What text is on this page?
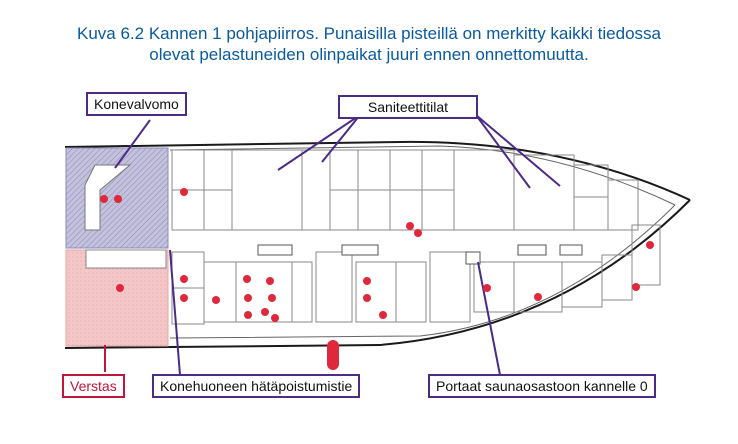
Kuva 6.2 Kannen 1 pohjapiirros. Punaisilla pisteillä on merkitty kaikki tiedossa
olevat pelastuneiden olinpaikat juuri ennen onnettomuutta.
Konevalvomo	Saniteettitilat
Verstas	Konehuoneen hätäpoistumistie	Portaat saunaosastoon kannelle 0
